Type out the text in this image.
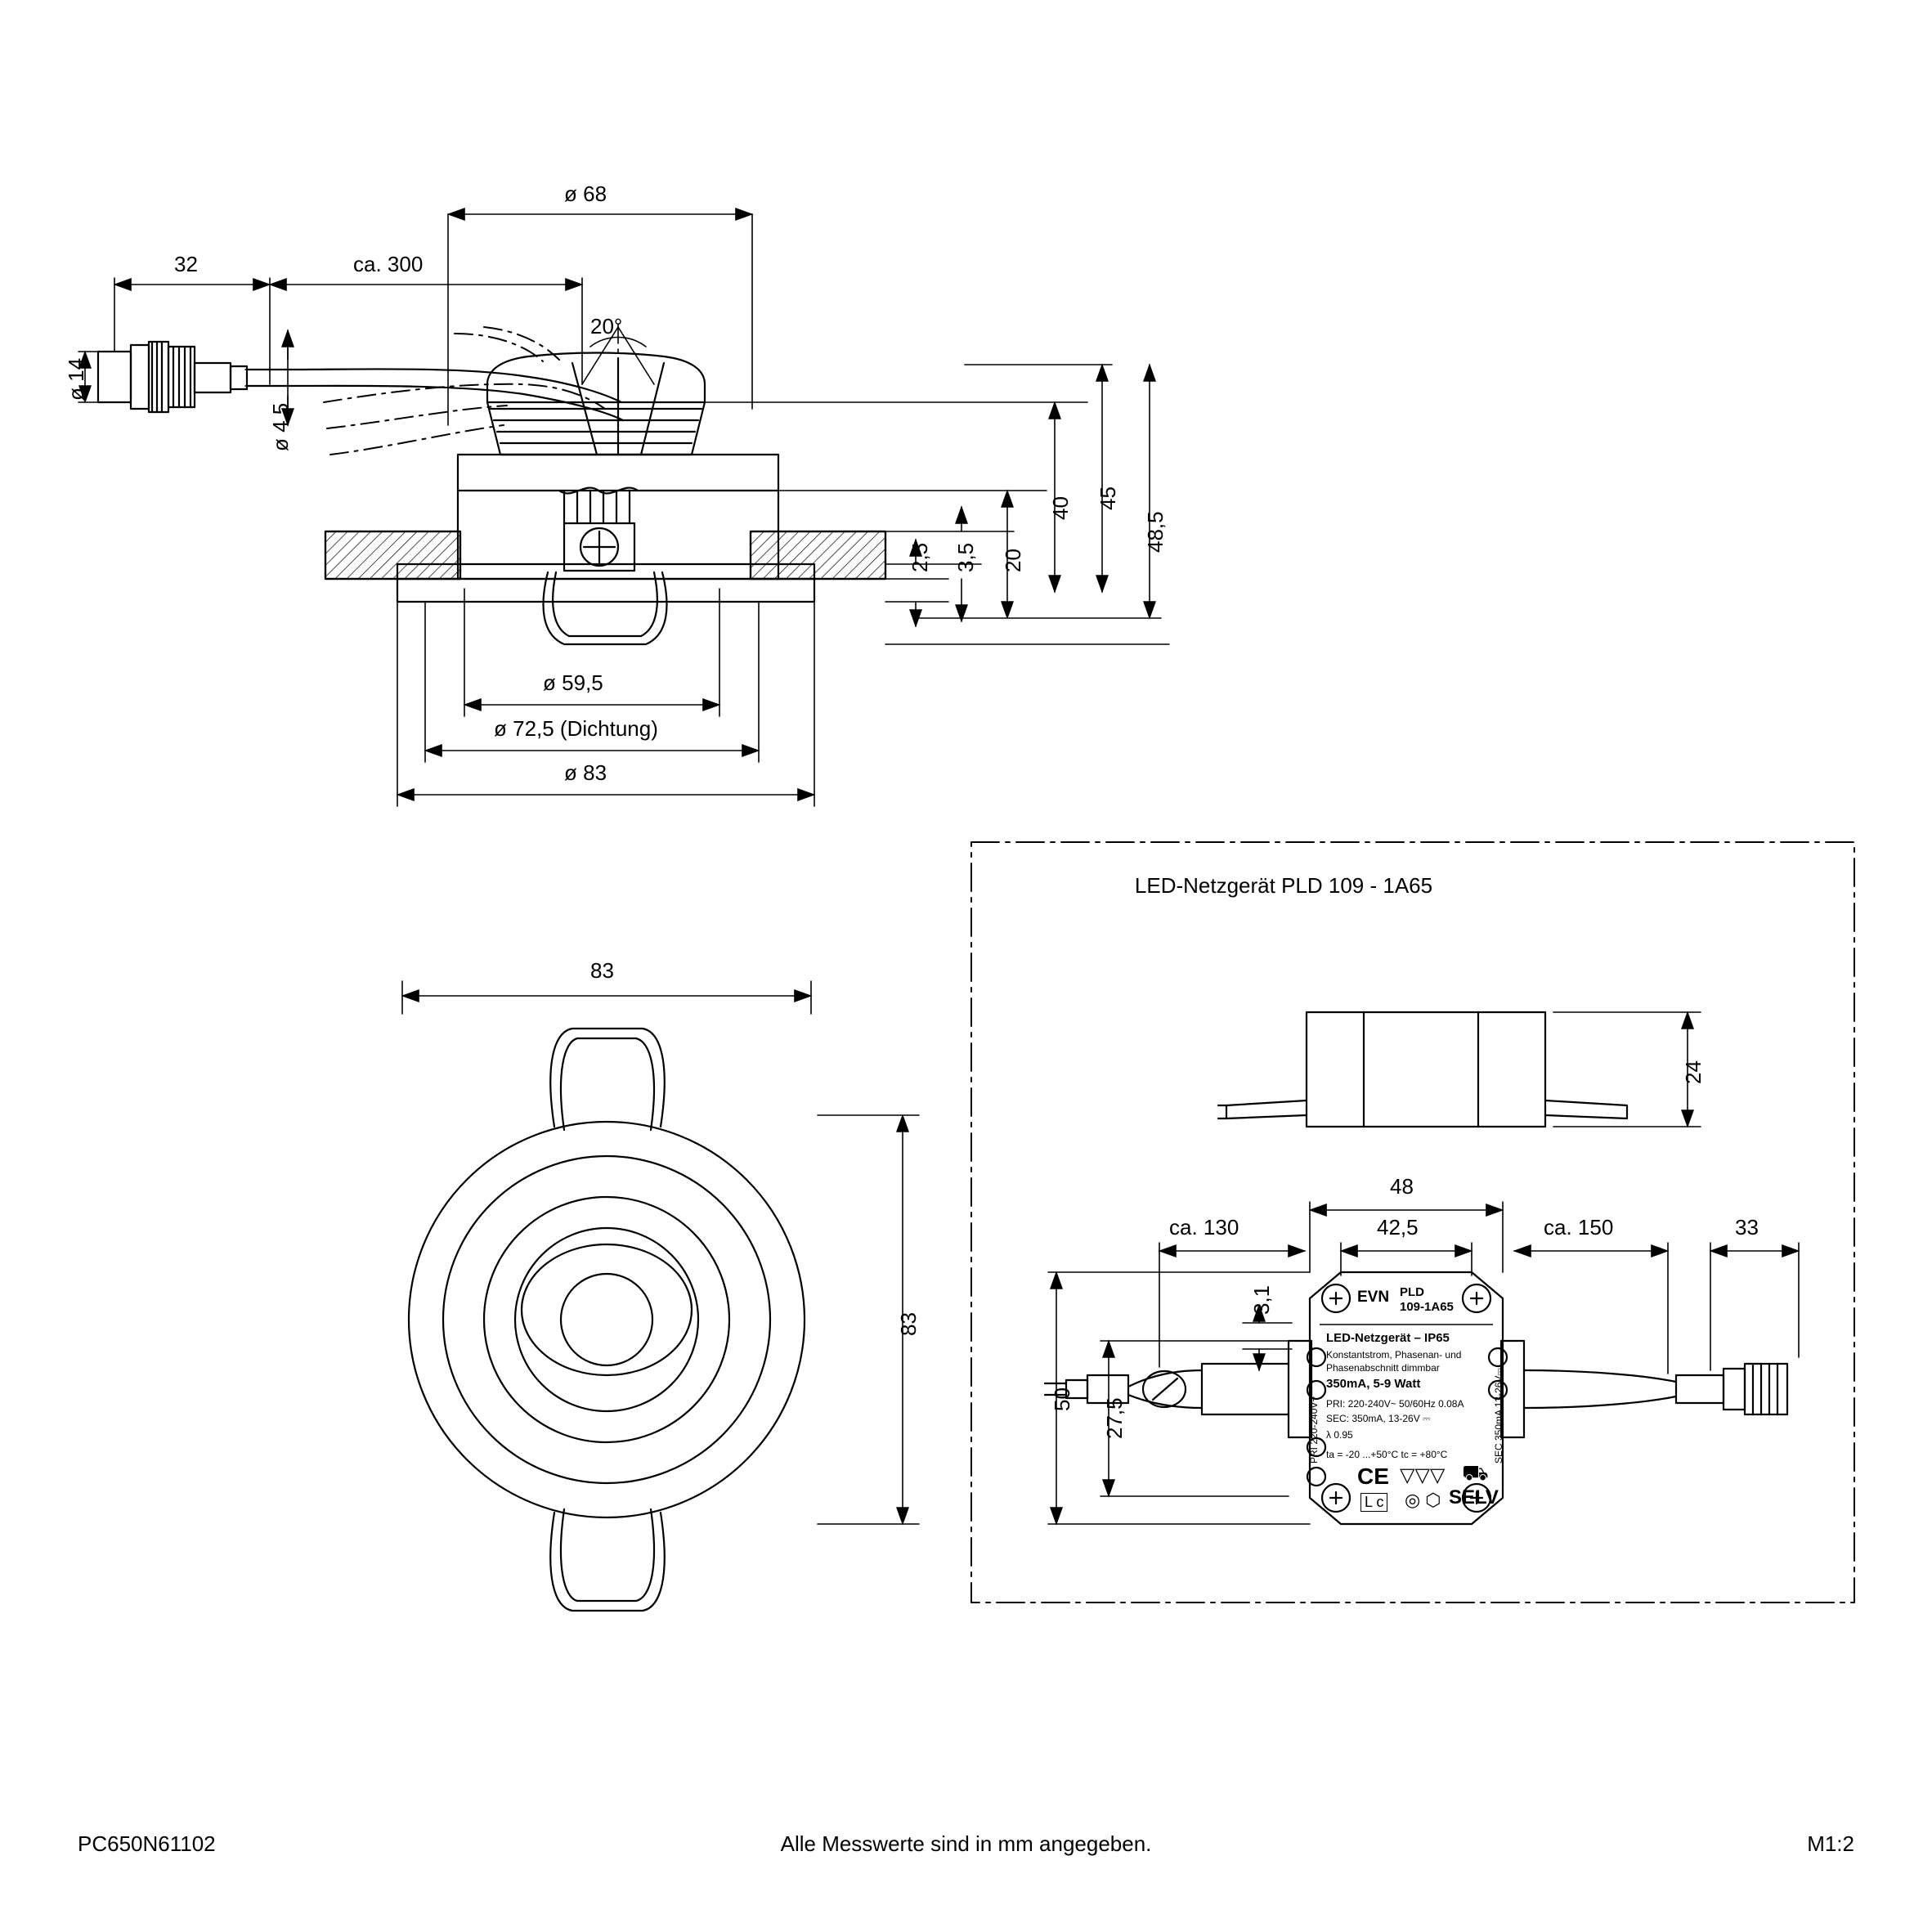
ø 68
ca. 300
32
ø 14
ø 4,5
20°
2,5 3,5 20
40 45
48,5
ø 59,5
ø 72,5 (Dichtung)
ø 83
83
83
LED-Netzgerät PLD 109 - 1A65
24
48
42,5
ca. 130	ca. 150	33
3,1
50 27,5
EVN PLD
109-1A65
LED-Netzgerät – IP65
Konstantstrom, Phasenan- und
Phasenabschnitt dimmbar
350mA, 5-9 Watt
PRI: 220-240V~ 50/60Hz 0.08A
SEC: 350mA, 13-26V ⎓
λ 0.95
ta = -20 ...+50°C tc = +80°C
PRI 220-240V~	SEC 350mA 13-26V⎓
CE ▽▽▽ ⛟
L c ◎ ⬡ SELV
PC650N61102	Alle Messwerte sind in mm angegeben.	M1:2
